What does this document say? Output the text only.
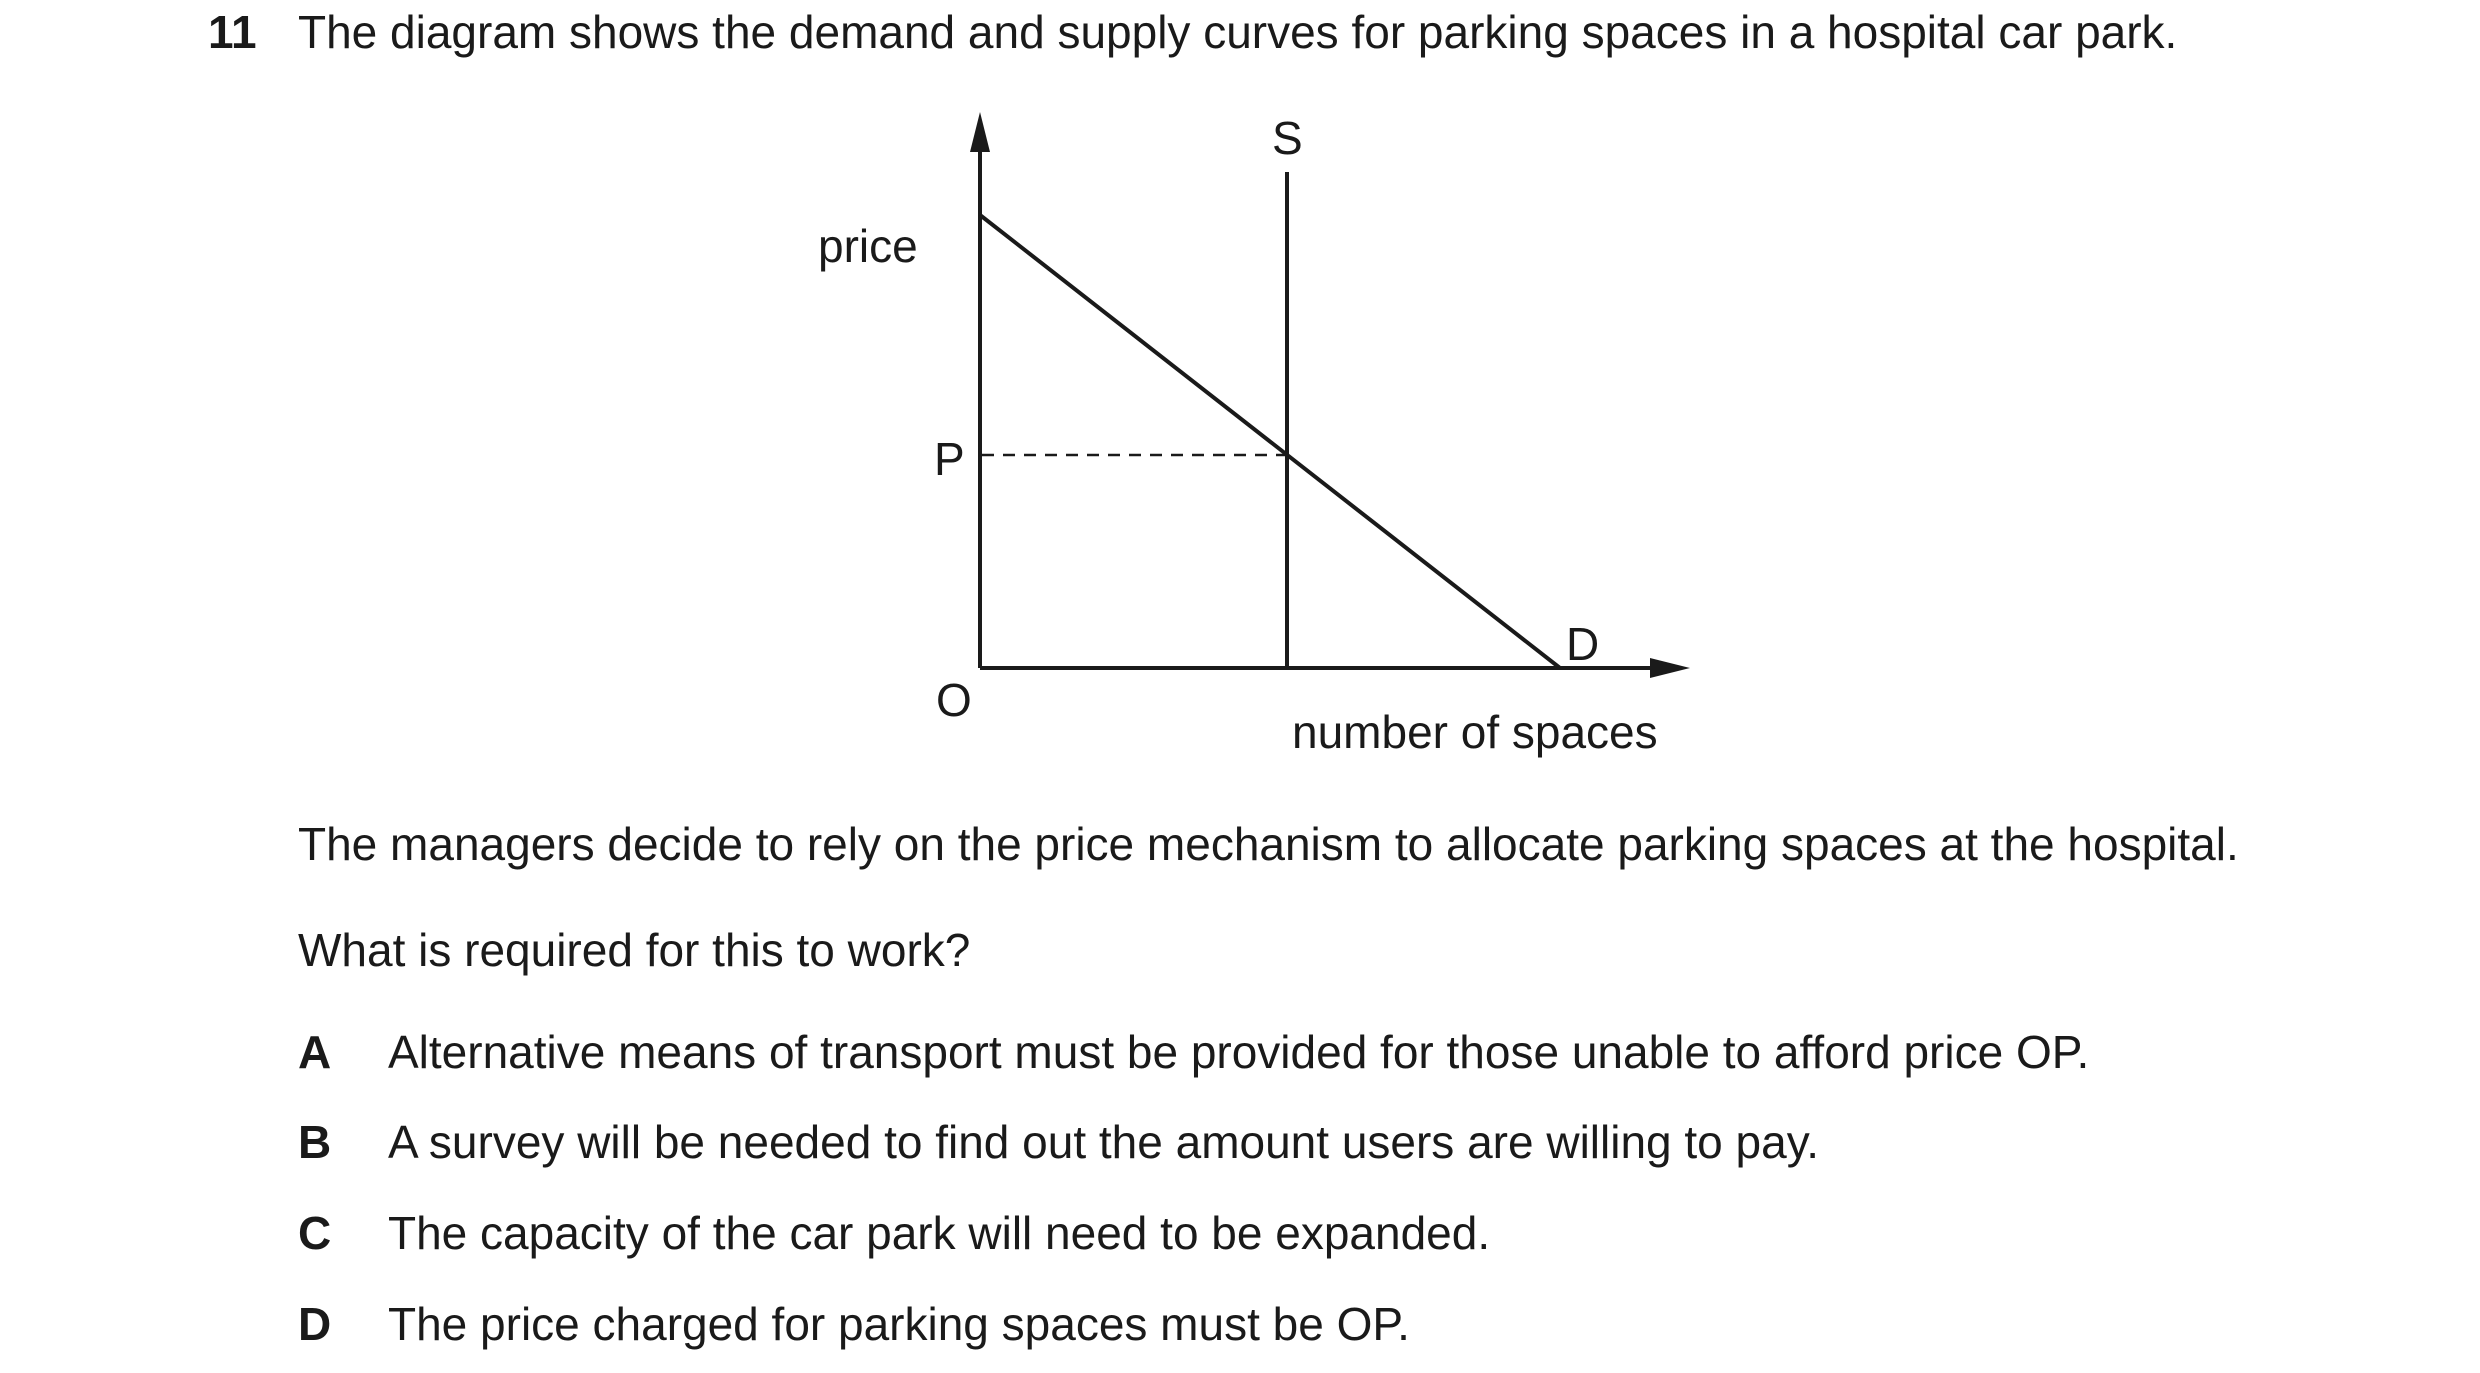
11 The diagram shows the demand and supply curves for parking spaces in a hospital car park.
price
P
O
S
D
number of spaces
The managers decide to rely on the price mechanism to allocate parking spaces at the hospital.
What is required for this to work?
A Alternative means of transport must be provided for those unable to afford price OP.
B A survey will be needed to find out the amount users are willing to pay.
C The capacity of the car park will need to be expanded.
D The price charged for parking spaces must be OP.
